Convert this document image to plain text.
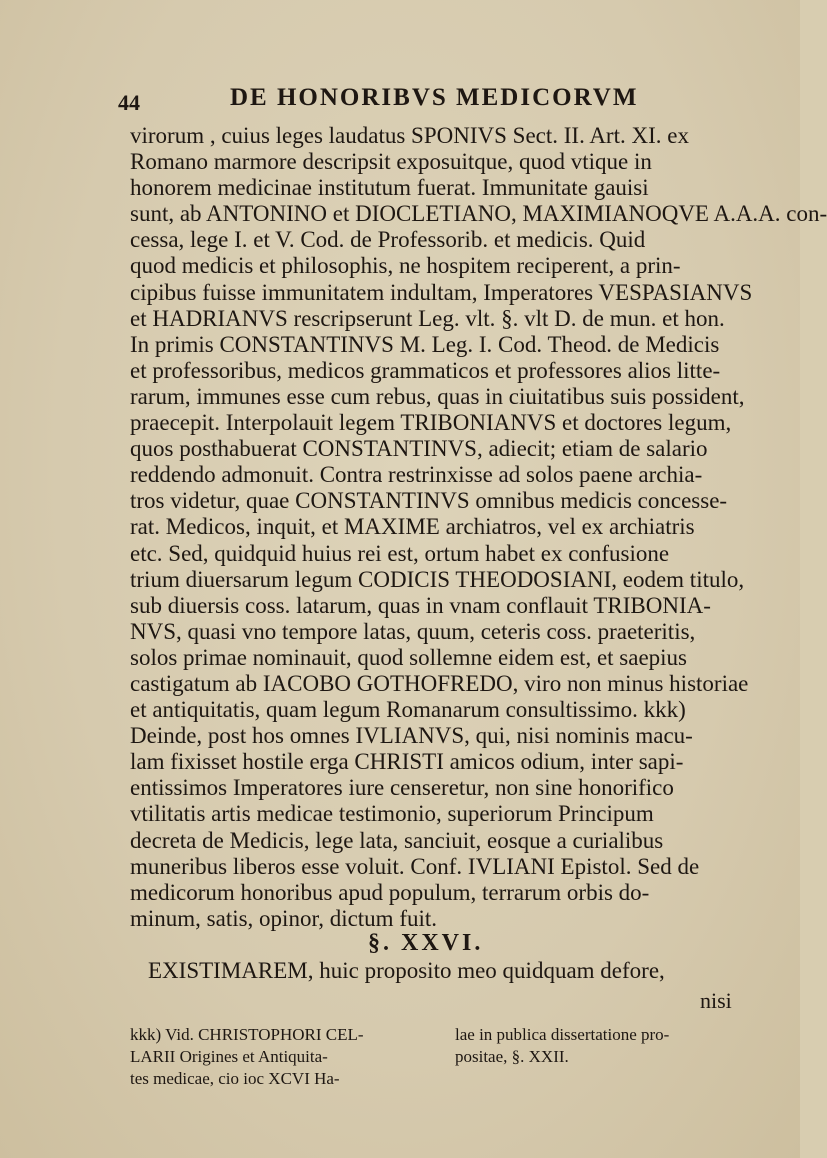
44	DE HONORIBVS MEDICORVM
virorum , cuius leges laudatus SPONIVS Sect. II. Art. XI. ex
Romano marmore descripsit exposuitque, quod vtique in
honorem medicinae institutum fuerat. Immunitate gauisi
sunt, ab ANTONINO et DIOCLETIANO, MAXIMIANOQVE A.A.A. con-
cessa, lege I. et V. Cod. de Professorib. et medicis. Quid
quod medicis et philosophis, ne hospitem reciperent, a prin-
cipibus fuisse immunitatem indultam, Imperatores VESPASIANVS
et HADRIANVS rescripserunt Leg. vlt. §. vlt D. de mun. et hon.
In primis CONSTANTINVS M. Leg. I. Cod. Theod. de Medicis
et professoribus, medicos grammaticos et professores alios litte-
rarum, immunes esse cum rebus, quas in ciuitatibus suis possident,
praecepit. Interpolauit legem TRIBONIANVS et doctores legum,
quos posthabuerat CONSTANTINVS, adiecit; etiam de salario
reddendo admonuit. Contra restrinxisse ad solos paene archia-
tros videtur, quae CONSTANTINVS omnibus medicis concesse-
rat. Medicos, inquit, et MAXIME archiatros, vel ex archiatris
etc. Sed, quidquid huius rei est, ortum habet ex confusione
trium diuersarum legum CODICIS THEODOSIANI, eodem titulo,
sub diuersis coss. latarum, quas in vnam conflauit TRIBONIA-
NVS, quasi vno tempore latas, quum, ceteris coss. praeteritis,
solos primae nominauit, quod sollemne eidem est, et saepius
castigatum ab IACOBO GOTHOFREDO, viro non minus historiae
et antiquitatis, quam legum Romanarum consultissimo. kkk)
Deinde, post hos omnes IVLIANVS, qui, nisi nominis macu-
lam fixisset hostile erga CHRISTI amicos odium, inter sapi-
entissimos Imperatores iure censeretur, non sine honorifico
vtilitatis artis medicae testimonio, superiorum Principum
decreta de Medicis, lege lata, sanciuit, eosque a curialibus
muneribus liberos esse voluit. Conf. IVLIANI Epistol. Sed de
medicorum honoribus apud populum, terrarum orbis do-
minum, satis, opinor, dictum fuit.
§. XXVI.
EXISTIMAREM, huic proposito meo quidquam defore,
nisi
kkk) Vid. CHRISTOPHORI CEL-
LARII Origines et Antiquita-
tes medicae, cio ioc XCVI Ha-
lae in publica dissertatione pro-
positae, §. XXII.
